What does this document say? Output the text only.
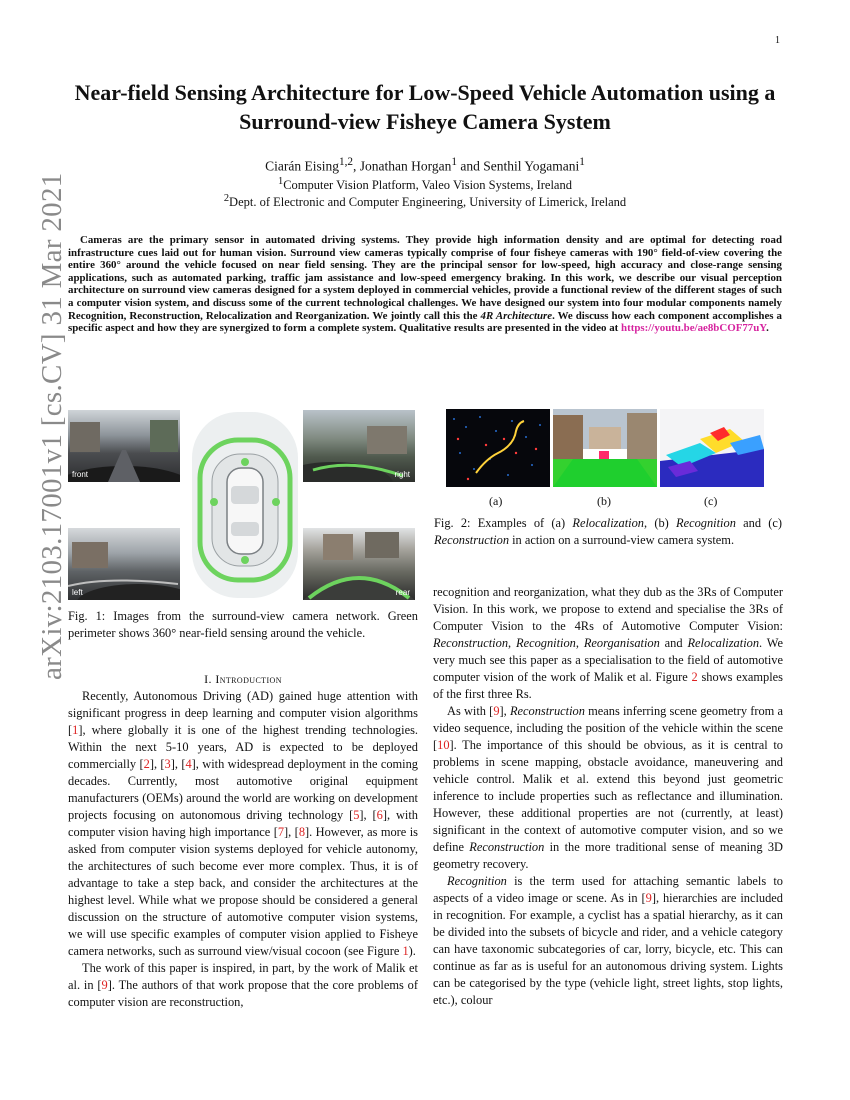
1
arXiv:2103.17001v1 [cs.CV] 31 Mar 2021
Near-field Sensing Architecture for Low-Speed Vehicle Automation using a Surround-view Fisheye Camera System
Ciarán Eising$^{1,2}$, Jonathan Horgan$^1$ and Senthil Yogamani$^1$
$^1$Computer Vision Platform, Valeo Vision Systems, Ireland
$^2$Dept. of Electronic and Computer Engineering, University of Limerick, Ireland
Cameras are the primary sensor in automated driving systems. They provide high information density and are optimal for detecting road infrastructure cues laid out for human vision. Surround view cameras typically comprise of four fisheye cameras with 190° field-of-view covering the entire 360° around the vehicle focused on near field sensing. They are the principal sensor for low-speed, high accuracy and close-range sensing applications, such as automated parking, traffic jam assistance and low-speed emergency braking. In this work, we describe our visual perception architecture on surround view cameras designed for a system deployed in commercial vehicles, provide a functional review of the different stages of such a computer vision system, and discuss some of the current technological challenges. We have designed our system into four modular components namely Recognition, Reconstruction, Relocalization and Reorganization. We jointly call this the 4R Architecture. We discuss how each component accomplishes a specific aspect and how they are synergized to form a complete system. Qualitative results are presented in the video at https://youtu.be/ae8bCOF77uY.
front	right
left	rear
Fig. 1: Images from the surround-view camera network. Green perimeter shows 360° near-field sensing around the vehicle.
I. Introduction

Recently, Autonomous Driving (AD) gained huge attention with significant progress in deep learning and computer vision algorithms [1], where globally it is one of the highest trending technologies. Within the next 5-10 years, AD is expected to be deployed commercially [2], [3], [4], with widespread deployment in the coming decades. Currently, most automotive original equipment manufacturers (OEMs) around the world are working on development projects focusing on autonomous driving technology [5], [6], with computer vision having high importance [7], [8]. However, as more is asked from computer vision systems deployed for vehicle autonomy, the architectures of such become ever more complex. Thus, it is of advantage to take a step back, and consider the architectures at the highest level. While what we propose should be considered a general discussion on the structure of automotive computer vision systems, we will use specific examples of computer vision applied to Fisheye camera networks, such as surround view/visual cocoon (see Figure 1).

The work of this paper is inspired, in part, by the work of Malik et al. in [9]. The authors of that work propose that the core problems of computer vision are reconstruction,

(a)	(b)	(c)
Fig. 2: Examples of (a) Relocalization, (b) Recognition and (c) Reconstruction in action on a surround-view camera system.

recognition and reorganization, what they dub as the 3Rs of Computer Vision. In this work, we propose to extend and specialise the 3Rs of Computer Vision to the 4Rs of Automotive Computer Vision: Reconstruction, Recognition, Reorganisation and Relocalization. We very much see this paper as a specialisation to the field of automotive computer vision of the work of Malik et al. Figure 2 shows examples of the first three Rs.

As with [9], Reconstruction means inferring scene geometry from a video sequence, including the position of the vehicle within the scene [10]. The importance of this should be obvious, as it is central to problems in scene mapping, obstacle avoidance, maneuvering and vehicle control. Malik et al. extend this beyond just geometric inference to include properties such as reflectance and illumination. However, these additional properties are not (currently, at least) significant in the context of automotive computer vision, and so we define Reconstruction in the more traditional sense of meaning 3D geometry recovery.

Recognition is the term used for attaching semantic labels to aspects of a video image or scene. As in [9], hierarchies are included in recognition. For example, a cyclist has a spatial hierarchy, as it can be divided into the subsets of bicycle and rider, and a vehicle category can have taxonomic subcategories of car, lorry, bicycle, etc. This can continue as far as is useful for an autonomous driving system. Lights can be categorised by the type (vehicle light, street lights, stop lights, etc.), colour
